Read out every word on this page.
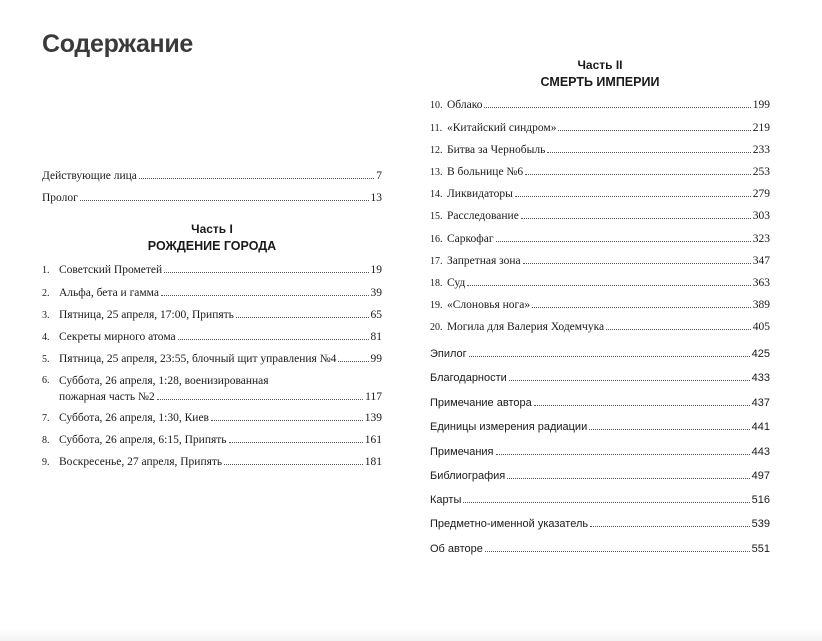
Содержание
Действующие лица	7
Пролог	13
Часть I
РОЖДЕНИЕ ГОРОДА
1. Советский Прометей	19
2. Альфа, бета и гамма	39
3. Пятница, 25 апреля, 17:00, Припять	65
4. Секреты мирного атома	81
5. Пятница, 25 апреля, 23:55, блочный щит управления №4	99
6. Суббота, 26 апреля, 1:28, военизированная
пожарная часть №2	117
7. Суббота, 26 апреля, 1:30, Киев	139
8. Суббота, 26 апреля, 6:15, Припять	161
9. Воскресенье, 27 апреля, Припять	181
Часть II
СМЕРТЬ ИМПЕРИИ
10. Облако	199
11. «Китайский синдром»	219
12. Битва за Чернобыль	233
13. В больнице №6	253
14. Ликвидаторы	279
15. Расследование	303
16. Саркофаг	323
17. Запретная зона	347
18. Суд	363
19. «Слоновья нога»	389
20. Могила для Валерия Ходемчука	405
Эпилог	425
Благодарности	433
Примечание автора	437
Единицы измерения радиации	441
Примечания	443
Библиография	497
Карты	516
Предметно-именной указатель	539
Об авторе	551
